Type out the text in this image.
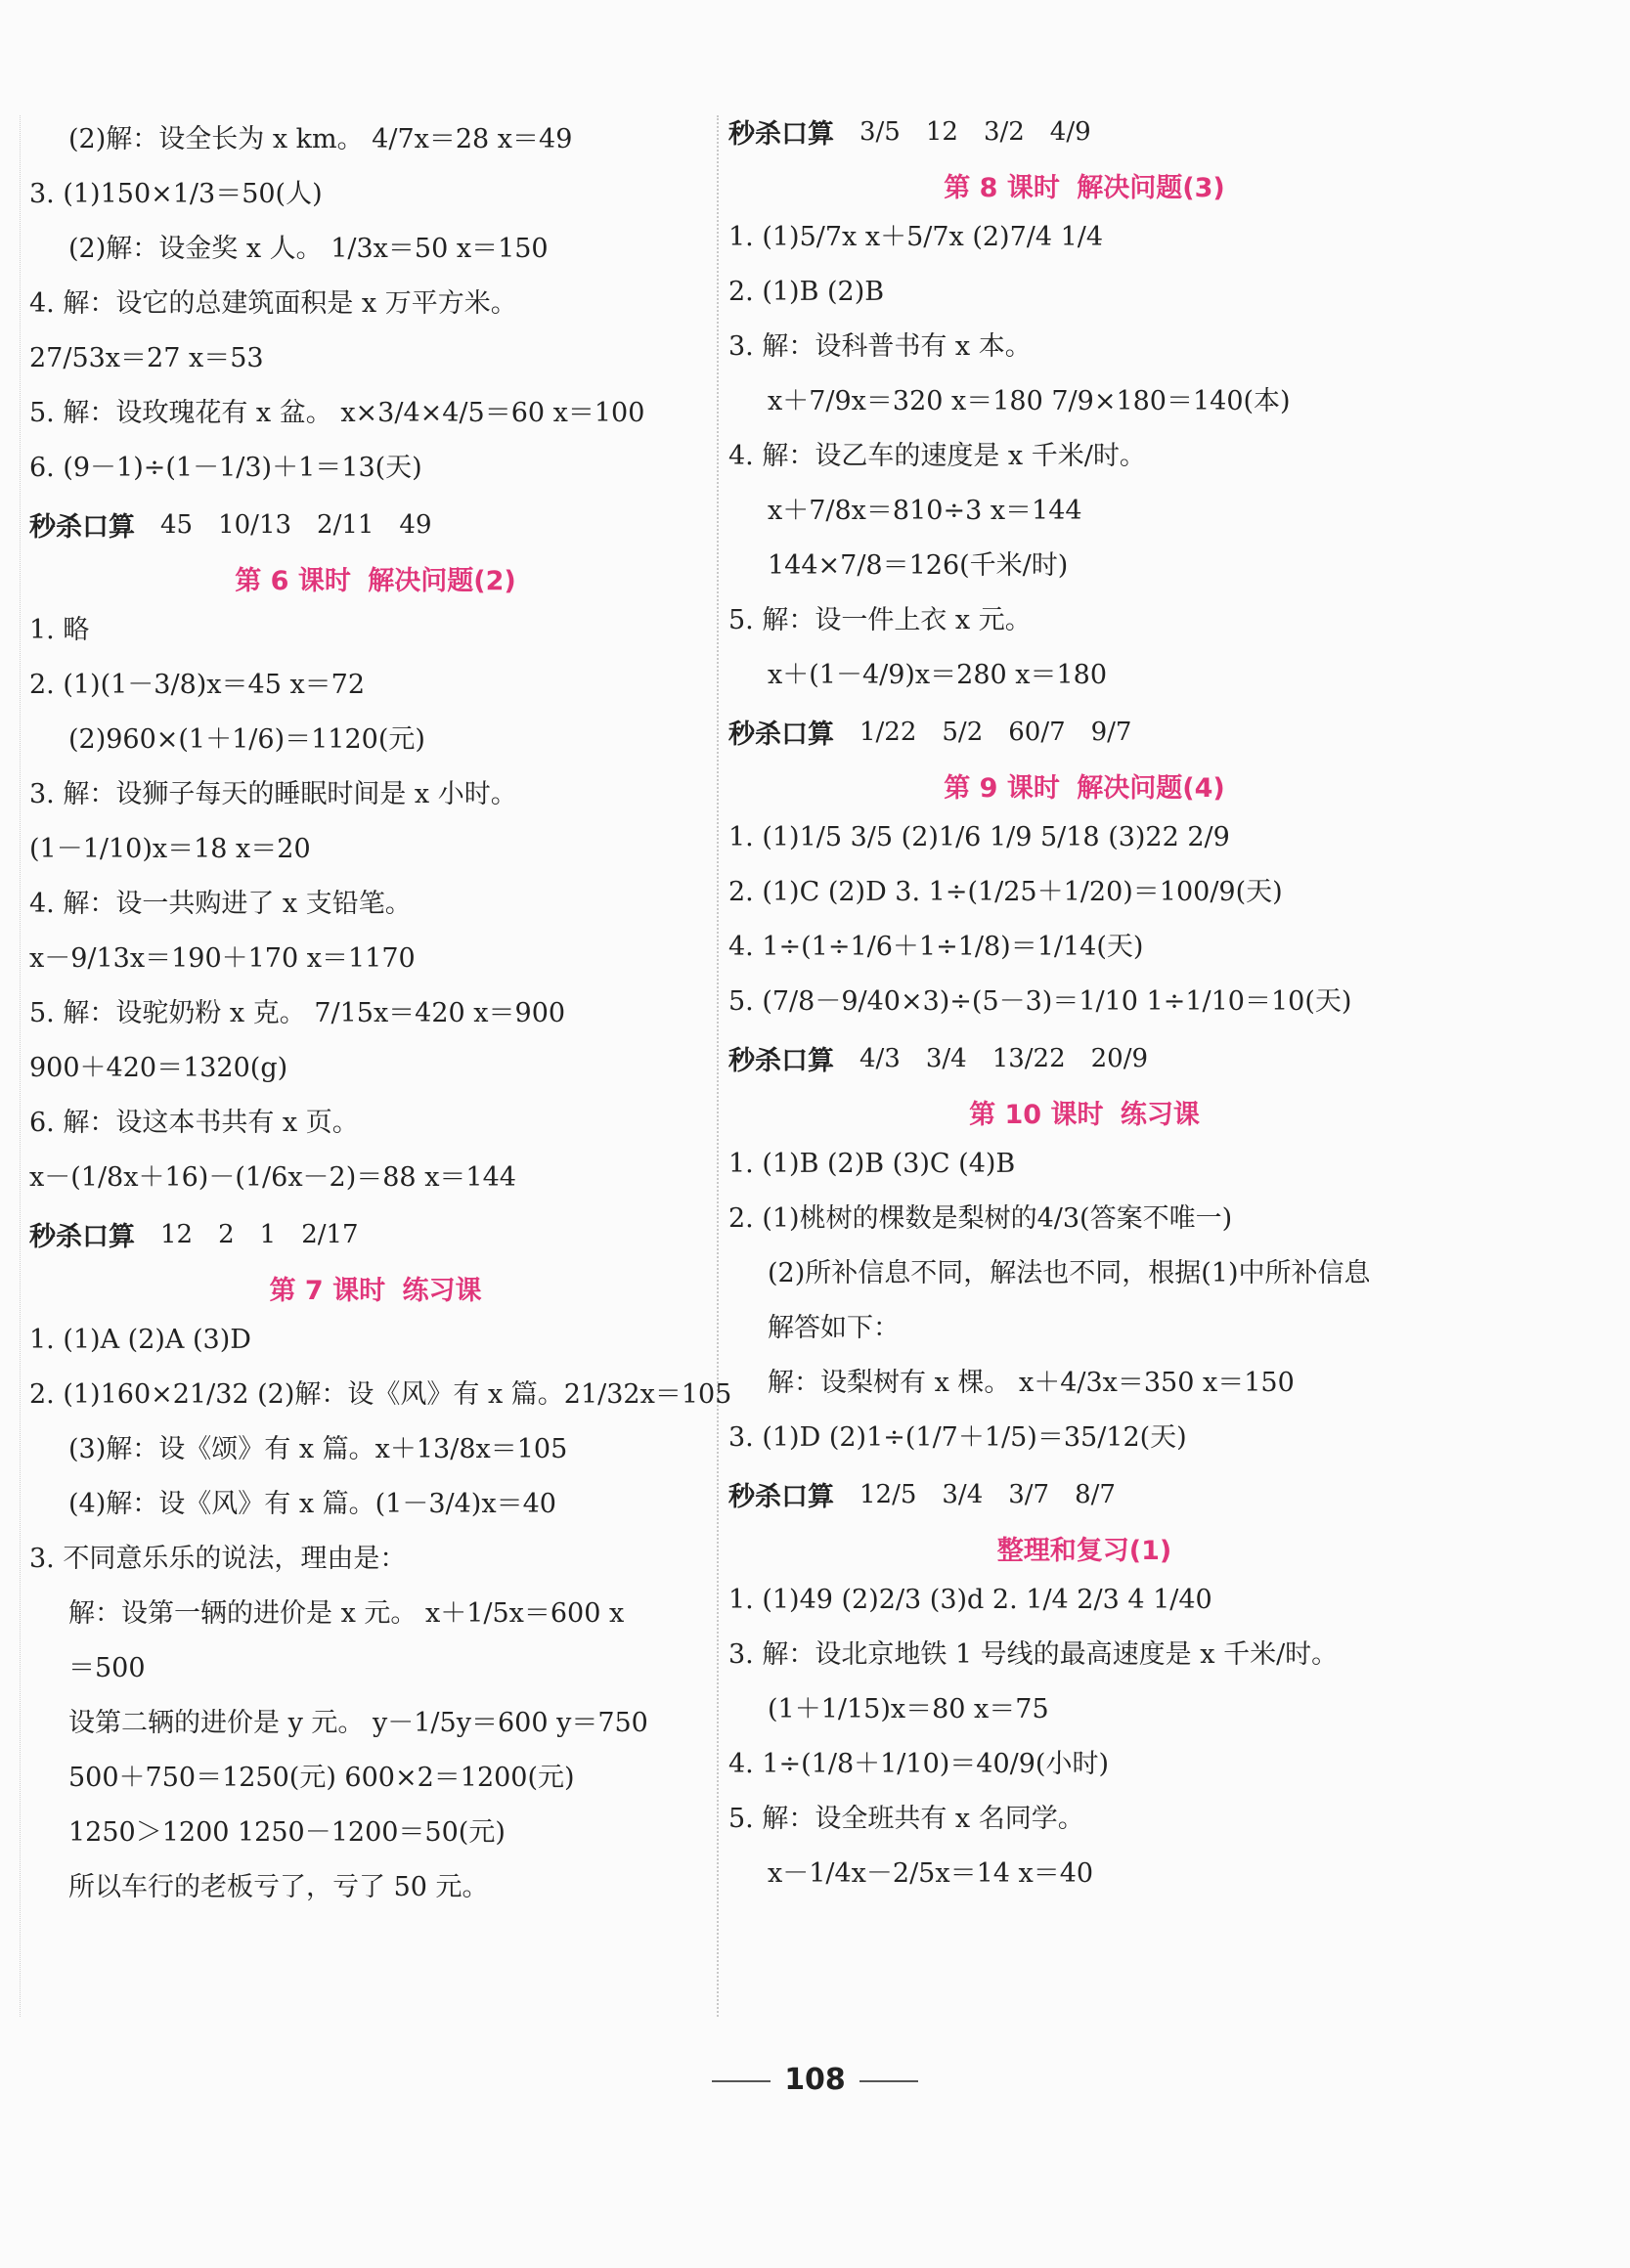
(2)解：设全长为 x km。 4/7x＝28 x＝49
3. (1)150×1/3＝50(人)
(2)解：设金奖 x 人。 1/3x＝50 x＝150
4. 解：设它的总建筑面积是 x 万平方米。
27/53x＝27 x＝53
5. 解：设玫瑰花有 x 盆。 x×3/4×4/5＝60 x＝100
6. (9－1)÷(1－1/3)＋1＝13(天)
秒杀口算 45 10/13 2/11 49
第 6 课时 解决问题(2)
1. 略
2. (1)(1－3/8)x＝45 x＝72
(2)960×(1＋1/6)＝1120(元)
3. 解：设狮子每天的睡眠时间是 x 小时。
(1－1/10)x＝18 x＝20
4. 解：设一共购进了 x 支铅笔。
x－9/13x＝190＋170 x＝1170
5. 解：设驼奶粉 x 克。 7/15x＝420 x＝900
900＋420＝1320(g)
6. 解：设这本书共有 x 页。
x－(1/8x＋16)－(1/6x－2)＝88 x＝144
秒杀口算 12 2 1 2/17
第 7 课时 练习课
1. (1)A (2)A (3)D
2. (1)160×21/32 (2)解：设《风》有 x 篇。21/32x＝105
(3)解：设《颂》有 x 篇。x＋13/8x＝105
(4)解：设《风》有 x 篇。(1－3/4)x＝40
3. 不同意乐乐的说法，理由是：
解：设第一辆的进价是 x 元。 x＋1/5x＝600 x
＝500
设第二辆的进价是 y 元。 y－1/5y＝600 y＝750
500＋750＝1250(元) 600×2＝1200(元)
1250＞1200 1250－1200＝50(元)
所以车行的老板亏了，亏了 50 元。
秒杀口算 3/5 12 3/2 4/9
第 8 课时 解决问题(3)
1. (1)5/7x x＋5/7x (2)7/4 1/4
2. (1)B (2)B
3. 解：设科普书有 x 本。
x＋7/9x＝320 x＝180 7/9×180＝140(本)
4. 解：设乙车的速度是 x 千米/时。
x＋7/8x＝810÷3 x＝144
144×7/8＝126(千米/时)
5. 解：设一件上衣 x 元。
x＋(1－4/9)x＝280 x＝180
秒杀口算 1/22 5/2 60/7 9/7
第 9 课时 解决问题(4)
1. (1)1/5 3/5 (2)1/6 1/9 5/18 (3)22 2/9
2. (1)C (2)D 3. 1÷(1/25＋1/20)＝100/9(天)
4. 1÷(1÷1/6＋1÷1/8)＝1/14(天)
5. (7/8－9/40×3)÷(5－3)＝1/10 1÷1/10＝10(天)
秒杀口算 4/3 3/4 13/22 20/9
第 10 课时 练习课
1. (1)B (2)B (3)C (4)B
2. (1)桃树的棵数是梨树的4/3(答案不唯一)
(2)所补信息不同，解法也不同，根据(1)中所补信息
解答如下：
解：设梨树有 x 棵。 x＋4/3x＝350 x＝150
3. (1)D (2)1÷(1/7＋1/5)＝35/12(天)
秒杀口算 12/5 3/4 3/7 8/7
整理和复习(1)
1. (1)49 (2)2/3 (3)d 2. 1/4 2/3 4 1/40
3. 解：设北京地铁 1 号线的最高速度是 x 千米/时。
(1＋1/15)x＝80 x＝75
4. 1÷(1/8＋1/10)＝40/9(小时)
5. 解：设全班共有 x 名同学。
x－1/4x－2/5x＝14 x＝40
108
